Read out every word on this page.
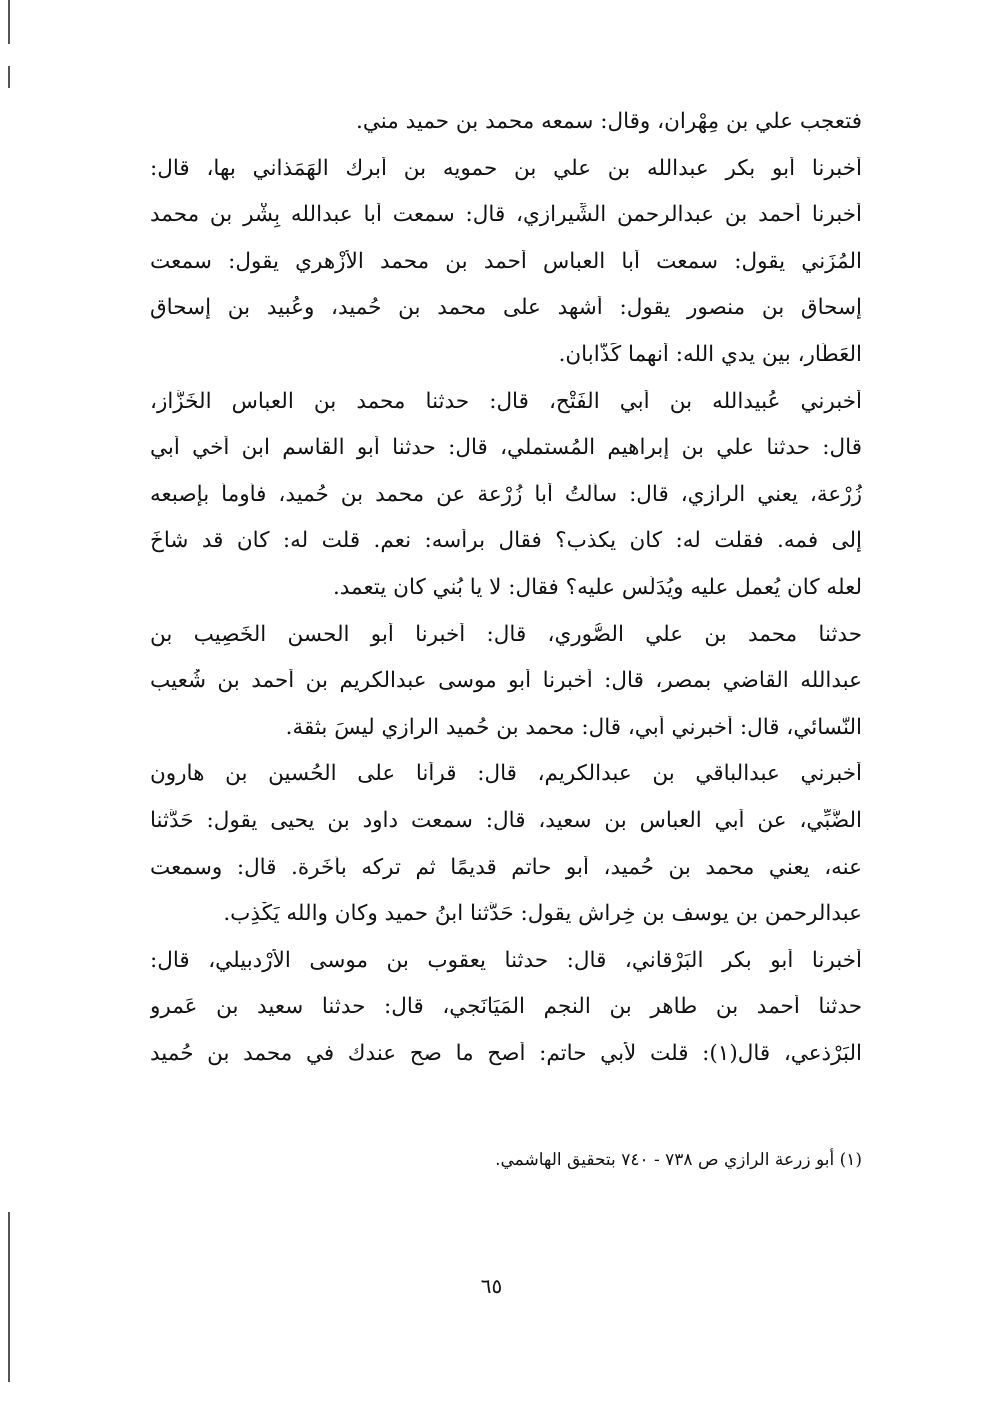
فتعجب علي بن مِهْران، وقال: سمعه محمد بن حميد مني.
أخبرنا أبو بكر عبدالله بن علي بن حمويه بن أبرك الهَمَذاني بها، قال:
أخبرنا أحمد بن عبدالرحمن الشِّيرازي، قال: سمعت أبا عبدالله بِشْر بن محمد
المُزَني يقول: سمعت أبا العباس أحمد بن محمد الأزْهري يقول: سمعت
إسحاق بن منصور يقول: أشهد على محمد بن حُميد، وعُبيد بن إسحاق
العَطَّار، بين يدي الله: أنهما كَذَّابان.
أخبرني عُبيدالله بن أبي الفَتْح، قال: حدثنا محمد بن العباس الخَزَّاز،
قال: حدثنا علي بن إبراهيم المُستملي، قال: حدثنا أبو القاسم ابن أخي أبي
زُرْعة، يعني الرازي، قال: سألتُ أبا زُرْعة عن محمد بن حُميد، فأومأ بإصبعه
إلى فمه. فقلت له: كان يكذب؟ فقال برأسه: نعم. قلت له: كان قد شاخَ
لعله كان يُعمل عليه ويُدَلَّس عليه؟ فقال: لا يا بُني كان يتعمد.
حدثنا محمد بن علي الصُّوري، قال: أخبرنا أبو الحسن الخَصِيب بن
عبدالله القاضي بمصر، قال: أخبرنا أبو موسى عبدالكريم بن أحمد بن شُعيب
النَّسائي، قال: أخبرني أبي، قال: محمد بن حُميد الرازي ليسَ بثقة.
أخبرني عبدالباقي بن عبدالكريم، قال: قرأنا على الحُسين بن هارون
الضَّبِّي، عن أبي العباس بن سعيد، قال: سمعت داود بن يحيى يقول: حَدَّثنا
عنه، يعني محمد بن حُميد، أبو حاتم قديمًا ثم تركه بأَخَرة. قال: وسمعت
عبدالرحمن بن يوسف بن خِراش يقول: حَدَّثنا ابنُ حميد وكان والله يَكْذِب.
أخبرنا أبو بكر البَرْقاني، قال: حدثنا يعقوب بن موسى الأرْدبيلي، قال:
حدثنا أحمد بن طاهر بن النجم المَيَانَجي، قال: حدثنا سعيد بن عَمرو
البَرْذعي، قال(١): قلت لأبي حاتم: أصح ما صح عندك في محمد بن حُميد
(١) أبو زرعة الرازي ص ٧٣٨ - ٧٤٠ بتحقيق الهاشمي.
٦٥
